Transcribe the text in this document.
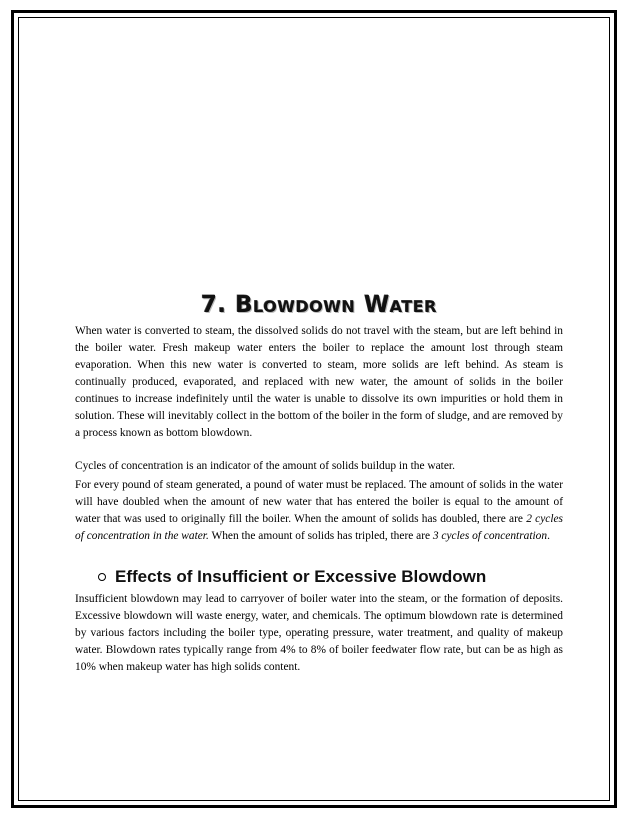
7. Blowdown Water

When water is converted to steam, the dissolved solids do not travel with the steam, but are left behind in the boiler water. Fresh makeup water enters the boiler to replace the amount lost through steam evaporation. When this new water is converted to steam, more solids are left behind. As steam is continually produced, evaporated, and replaced with new water, the amount of solids in the boiler continues to increase indefinitely until the water is unable to dissolve its own impurities or hold them in solution. These will inevitably collect in the bottom of the boiler in the form of sludge, and are removed by a process known as bottom blowdown.

Cycles of concentration is an indicator of the amount of solids buildup in the water.

For every pound of steam generated, a pound of water must be replaced. The amount of solids in the water will have doubled when the amount of new water that has entered the boiler is equal to the amount of water that was used to originally fill the boiler. When the amount of solids has doubled, there are 2 cycles of concentration in the water. When the amount of solids has tripled, there are 3 cycles of concentration.

Effects of Insufficient or Excessive Blowdown

Insufficient blowdown may lead to carryover of boiler water into the steam, or the formation of deposits. Excessive blowdown will waste energy, water, and chemicals. The optimum blowdown rate is determined by various factors including the boiler type, operating pressure, water treatment, and quality of makeup water. Blowdown rates typically range from 4% to 8% of boiler feedwater flow rate, but can be as high as 10% when makeup water has high solids content.
